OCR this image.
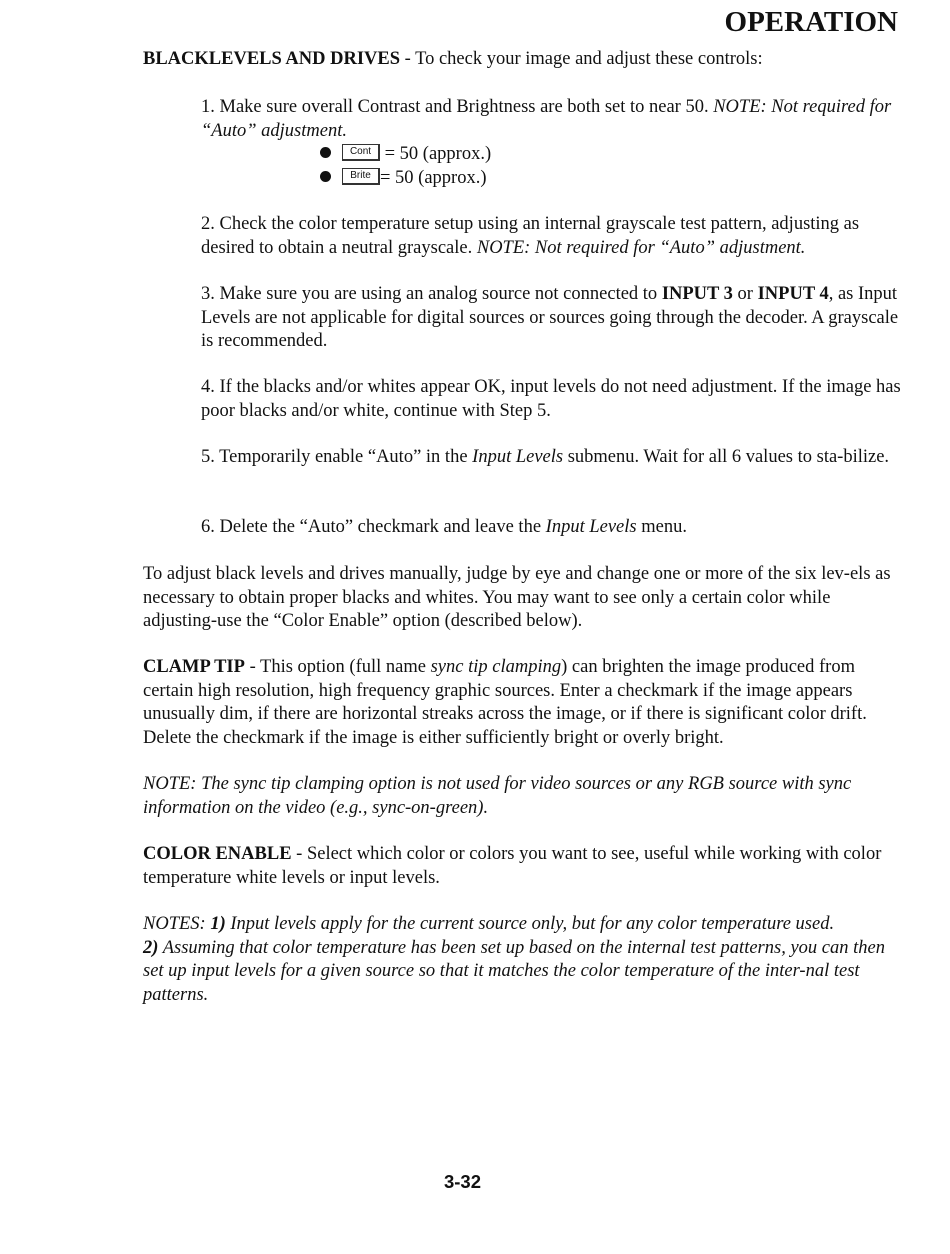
OPERATION

BLACKLEVELS AND DRIVES - To check your image and adjust these controls:

1. Make sure overall Contrast and Brightness are both set to near 50. NOTE: Not required for “Auto” adjustment.

Cont = 50 (approx.)
Brite = 50 (approx.)

2. Check the color temperature setup using an internal grayscale test pattern, adjusting as desired to obtain a neutral grayscale. NOTE: Not required for “Auto” adjustment.

3. Make sure you are using an analog source not connected to INPUT 3 or INPUT 4, as Input Levels are not applicable for digital sources or sources going through the decoder. A grayscale is recommended.

4. If the blacks and/or whites appear OK, input levels do not need adjustment. If the image has poor blacks and/or white, continue with Step 5.

5. Temporarily enable “Auto” in the Input Levels submenu. Wait for all 6 values to sta-bilize.

6. Delete the “Auto” checkmark and leave the Input Levels menu.

To adjust black levels and drives manually, judge by eye and change one or more of the six lev-els as necessary to obtain proper blacks and whites. You may want to see only a certain color while adjusting-use the “Color Enable” option (described below).

CLAMP TIP - This option (full name sync tip clamping) can brighten the image produced from certain high resolution, high frequency graphic sources. Enter a checkmark if the image appears unusually dim, if there are horizontal streaks across the image, or if there is significant color drift. Delete the checkmark if the image is either sufficiently bright or overly bright.

NOTE: The sync tip clamping option is not used for video sources or any RGB source with sync information on the video (e.g., sync-on-green).

COLOR ENABLE - Select which color or colors you want to see, useful while working with color temperature white levels or input levels.

NOTES: 1) Input levels apply for the current source only, but for any color temperature used.
2) Assuming that color temperature has been set up based on the internal test patterns, you can then set up input levels for a given source so that it matches the color temperature of the inter-nal test patterns.

3-32
